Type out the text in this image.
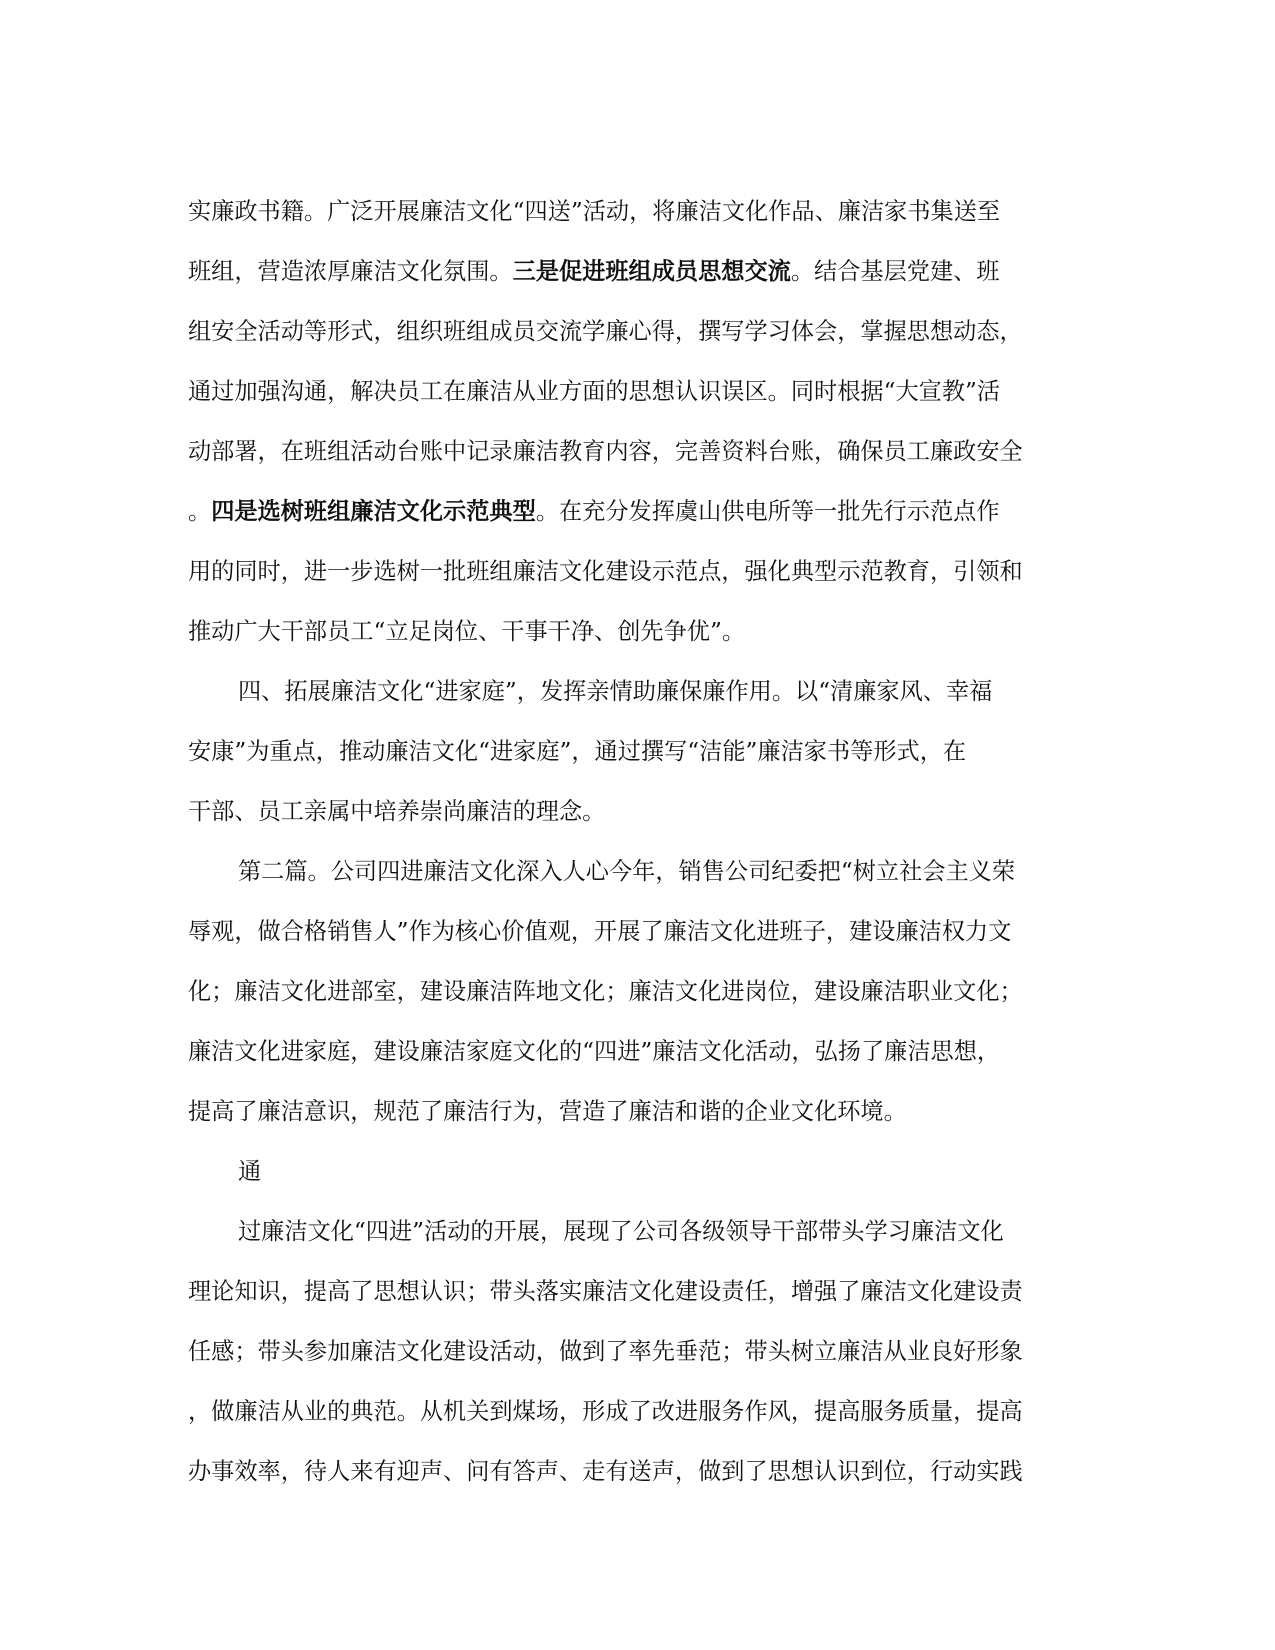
实廉政书籍。广泛开展廉洁文化“四送”活动，将廉洁文化作品、廉洁家书集送至
班组，营造浓厚廉洁文化氛围。三是促进班组成员思想交流。结合基层党建、班
组安全活动等形式，组织班组成员交流学廉心得，撰写学习体会，掌握思想动态，
通过加强沟通，解决员工在廉洁从业方面的思想认识误区。同时根据“大宣教”活
动部署，在班组活动台账中记录廉洁教育内容，完善资料台账，确保员工廉政安全
。四是选树班组廉洁文化示范典型。在充分发挥虞山供电所等一批先行示范点作
用的同时，进一步选树一批班组廉洁文化建设示范点，强化典型示范教育，引领和
推动广大干部员工“立足岗位、干事干净、创先争优”。
四、拓展廉洁文化“进家庭”，发挥亲情助廉保廉作用。以“清廉家风、幸福
安康”为重点，推动廉洁文化“进家庭”，通过撰写“洁能”廉洁家书等形式，在
干部、员工亲属中培养崇尚廉洁的理念。
第二篇。公司四进廉洁文化深入人心今年，销售公司纪委把“树立社会主义荣
辱观，做合格销售人”作为核心价值观，开展了廉洁文化进班子，建设廉洁权力文
化；廉洁文化进部室，建设廉洁阵地文化；廉洁文化进岗位，建设廉洁职业文化；
廉洁文化进家庭，建设廉洁家庭文化的“四进”廉洁文化活动，弘扬了廉洁思想，
提高了廉洁意识，规范了廉洁行为，营造了廉洁和谐的企业文化环境。
通
过廉洁文化“四进”活动的开展，展现了公司各级领导干部带头学习廉洁文化
理论知识，提高了思想认识；带头落实廉洁文化建设责任，增强了廉洁文化建设责
任感；带头参加廉洁文化建设活动，做到了率先垂范；带头树立廉洁从业良好形象
，做廉洁从业的典范。从机关到煤场，形成了改进服务作风，提高服务质量，提高
办事效率，待人来有迎声、问有答声、走有送声，做到了思想认识到位，行动实践
